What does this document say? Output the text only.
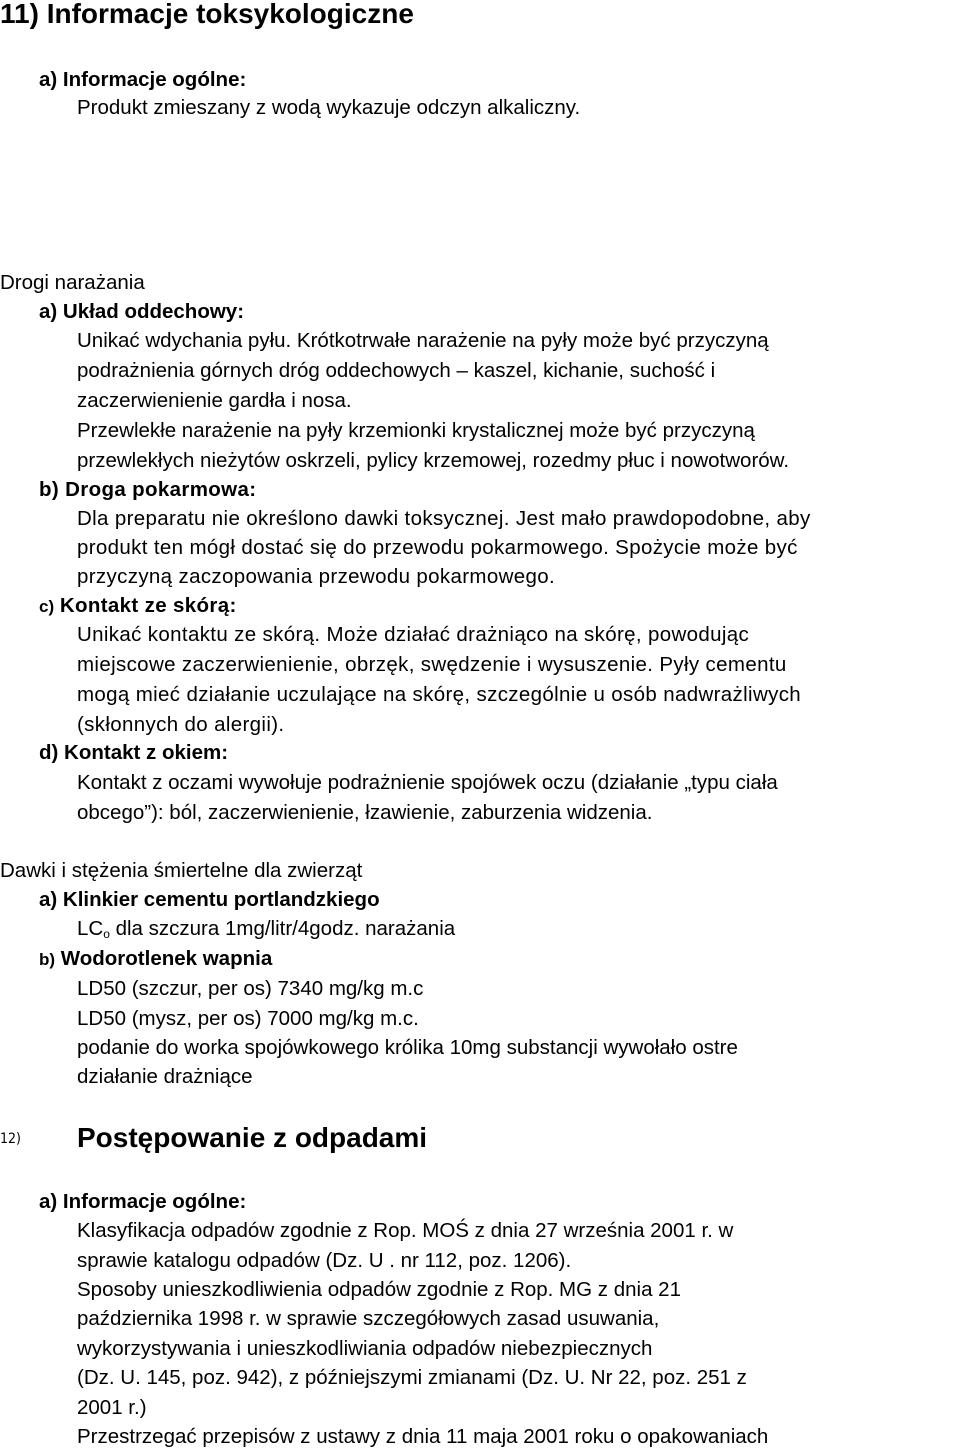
11) Informacje toksykologiczne
a) Informacje ogólne:
Produkt zmieszany z wodą wykazuje odczyn alkaliczny.
Drogi narażania
a) Układ oddechowy:
Unikać wdychania pyłu. Krótkotrwałe narażenie na pyły może być przyczyną
podrażnienia górnych dróg oddechowych – kaszel, kichanie, suchość i
zaczerwienienie gardła i nosa.
Przewlekłe narażenie na pyły krzemionki krystalicznej może być przyczyną
przewlekłych nieżytów oskrzeli, pylicy krzemowej, rozedmy płuc i nowotworów.
b) Droga pokarmowa:
Dla preparatu nie określono dawki toksycznej. Jest mało prawdopodobne, aby
produkt ten mógł dostać się do przewodu pokarmowego. Spożycie może być
przyczyną zaczopowania przewodu pokarmowego.
c) Kontakt ze skórą:
Unikać kontaktu ze skórą. Może działać drażniąco na skórę, powodując
miejscowe zaczerwienienie, obrzęk, swędzenie i wysuszenie. Pyły cementu
mogą mieć działanie uczulające na skórę, szczególnie u osób nadwrażliwych
(skłonnych do alergii).
d) Kontakt z okiem:
Kontakt z oczami wywołuje podrażnienie spojówek oczu (działanie „typu ciała
obcego”): ból, zaczerwienienie, łzawienie, zaburzenia widzenia.
Dawki i stężenia śmiertelne dla zwierząt
a) Klinkier cementu portlandzkiego
LCo dla szczura 1mg/litr/4godz. narażania
b) Wodorotlenek wapnia
LD50 (szczur, per os) 7340 mg/kg m.c
LD50 (mysz, per os) 7000 mg/kg m.c.
podanie do worka spojówkowego królika 10mg substancji wywołało ostre
działanie drażniące
12) Postępowanie z odpadami
a) Informacje ogólne:
Klasyfikacja odpadów zgodnie z Rop. MOŚ z dnia 27 września 2001 r. w
sprawie katalogu odpadów (Dz. U . nr 112, poz. 1206).
Sposoby unieszkodliwienia odpadów zgodnie z Rop. MG z dnia 21
października 1998 r. w sprawie szczegółowych zasad usuwania,
wykorzystywania i unieszkodliwiania odpadów niebezpiecznych
(Dz. U. 145, poz. 942), z późniejszymi zmianami (Dz. U. Nr 22, poz. 251 z
2001 r.)
Przestrzegać przepisów z ustawy z dnia 11 maja 2001 roku o opakowaniach
